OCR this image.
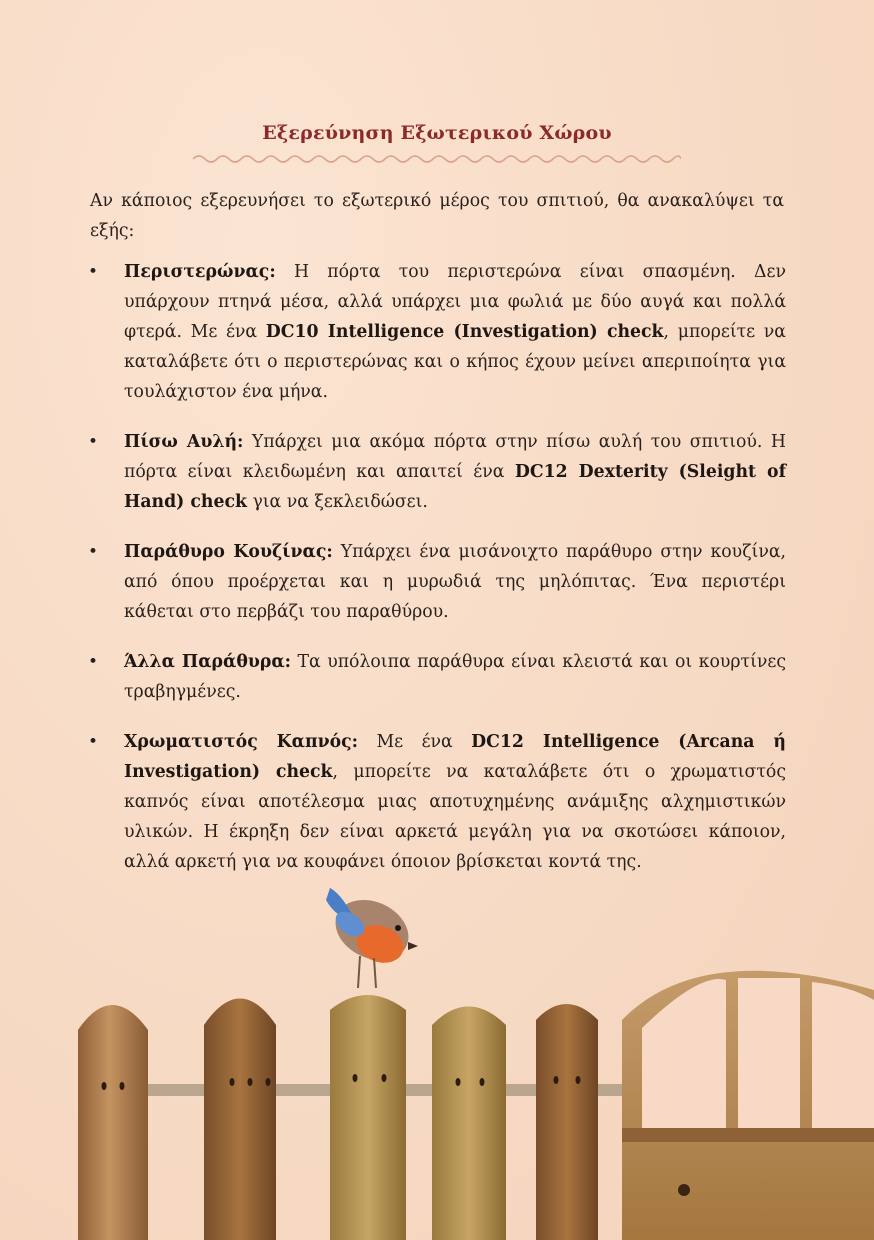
Εξερεύνηση Εξωτερικού Χώρου

Αν κάποιος εξερευνήσει το εξωτερικό μέρος του σπιτιού, θα ανακαλύψει τα εξής:

• Περιστερώνας: Η πόρτα του περιστερώνα είναι σπασμένη. Δεν υπάρχουν πτηνά μέσα, αλλά υπάρχει μια φωλιά με δύο αυγά και πολλά φτερά. Με ένα DC10 Intelligence (Investigation) check, μπορείτε να καταλάβετε ότι ο περιστερώνας και ο κήπος έχουν μείνει απεριποίητα για τουλάχιστον ένα μήνα.
• Πίσω Αυλή: Υπάρχει μια ακόμα πόρτα στην πίσω αυλή του σπιτιού. Η πόρτα είναι κλειδωμένη και απαιτεί ένα DC12 Dexterity (Sleight of Hand) check για να ξεκλειδώσει.
• Παράθυρο Κουζίνας: Υπάρχει ένα μισάνοιχτο παράθυρο στην κουζίνα, από όπου προέρχεται και η μυρωδιά της μηλόπιτας. Ένα περιστέρι κάθεται στο περβάζι του παραθύρου.
• Άλλα Παράθυρα: Τα υπόλοιπα παράθυρα είναι κλειστά και οι κουρτίνες τραβηγμένες.
• Χρωματιστός Καπνός: Με ένα DC12 Intelligence (Arcana ή Investigation) check, μπορείτε να καταλάβετε ότι ο χρωματιστός καπνός είναι αποτέλεσμα μιας αποτυχημένης ανάμιξης αλχημιστικών υλικών. Η έκρηξη δεν είναι αρκετά μεγάλη για να σκοτώσει κάποιον, αλλά αρκετή για να κουφάνει όποιον βρίσκεται κοντά της.
